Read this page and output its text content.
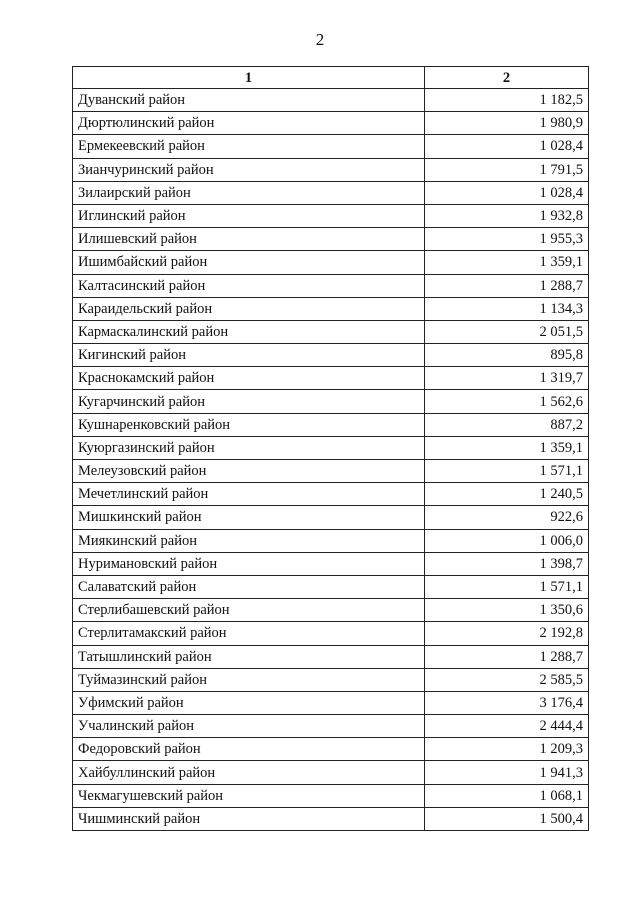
2
1	2
Дуванский район	1 182,5
Дюртюлинский район	1 980,9
Ермекеевский район	1 028,4
Зианчуринский район	1 791,5
Зилаирский район	1 028,4
Иглинский район	1 932,8
Илишевский район	1 955,3
Ишимбайский район	1 359,1
Калтасинский район	1 288,7
Караидельский район	1 134,3
Кармаскалинский район	2 051,5
Кигинский район	895,8
Краснокамский район	1 319,7
Кугарчинский район	1 562,6
Кушнаренковский район	887,2
Куюргазинский район	1 359,1
Мелеузовский район	1 571,1
Мечетлинский район	1 240,5
Мишкинский район	922,6
Миякинский район	1 006,0
Нуримановский район	1 398,7
Салаватский район	1 571,1
Стерлибашевский район	1 350,6
Стерлитамакский район	2 192,8
Татышлинский район	1 288,7
Туймазинский район	2 585,5
Уфимский район	3 176,4
Учалинский район	2 444,4
Федоровский район	1 209,3
Хайбуллинский район	1 941,3
Чекмагушевский район	1 068,1
Чишминский район	1 500,4
